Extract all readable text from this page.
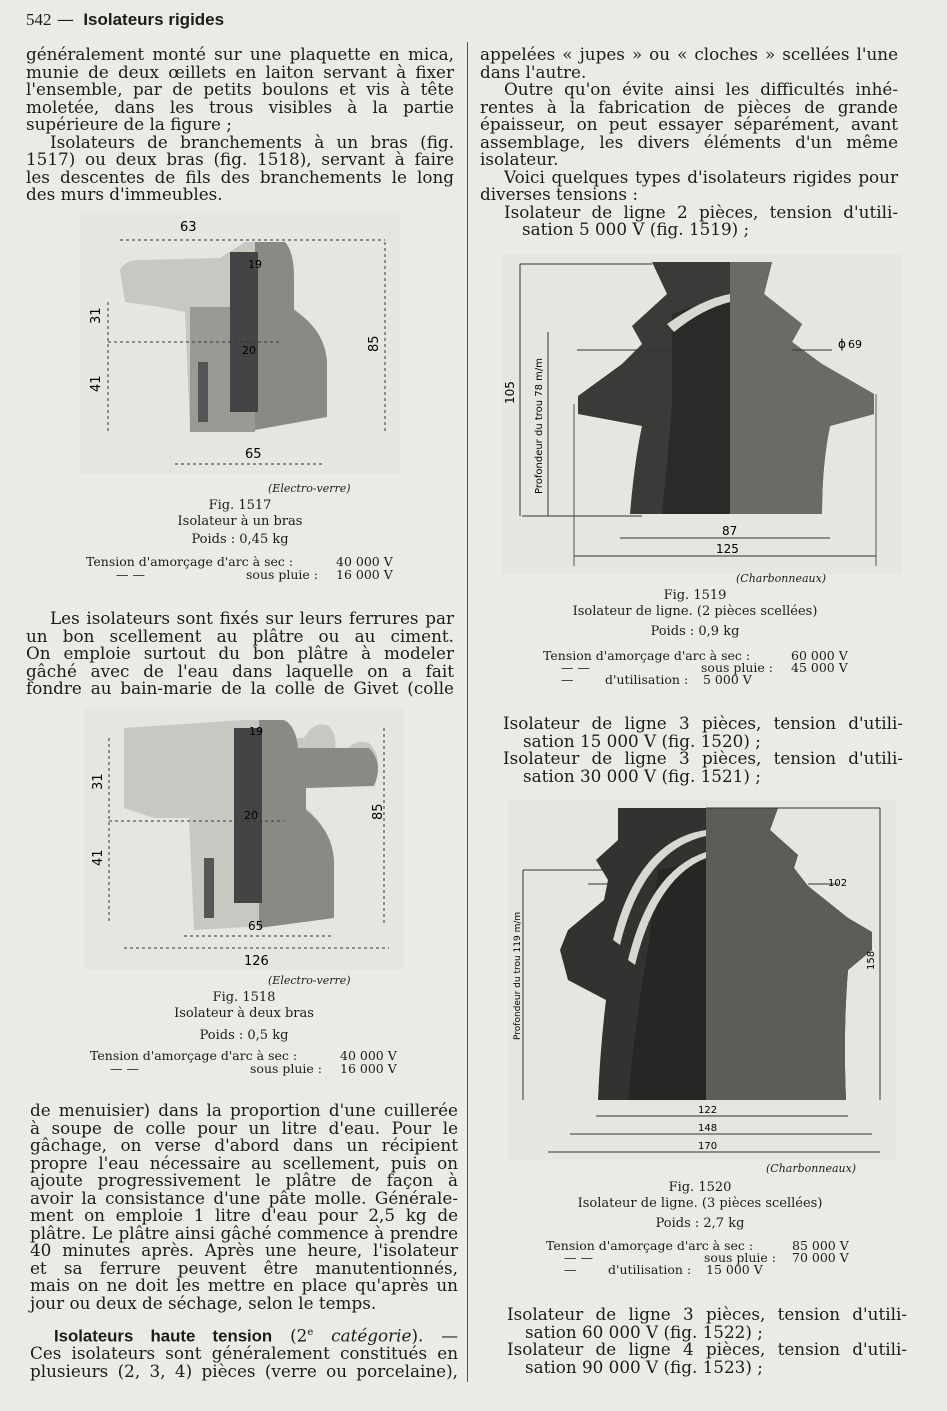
542 — Isolateurs rigides
généralement monté sur une plaquette en mica,
munie de deux œillets en laiton servant à fixer
l'ensemble, par de petits boulons et vis à tête
moletée, dans les trous visibles à la partie
supérieure de la figure ;
Isolateurs de branchements à un bras (fig.
1517) ou deux bras (fig. 1518), servant à faire
les descentes de fils des branchements le long
des murs d'immeubles.
63
65
31
41
85
19
20
(Electro-verre)
Fig. 1517
Isolateur à un bras
Poids : 0,45 kg
Tension d'amorçage d'arc à sec :	40 000 V
— —	sous pluie : 16 000 V
Les isolateurs sont fixés sur leurs ferrures par
un bon scellement au plâtre ou au ciment.
On emploie surtout du bon plâtre à modeler
gâché avec de l'eau dans laquelle on a fait
fondre au bain-marie de la colle de Givet (colle
65
126
31
41
85
19
20
(Electro-verre)
Fig. 1518
Isolateur à deux bras
Poids : 0,5 kg
Tension d'amorçage d'arc à sec :	40 000 V
— —	sous pluie : 16 000 V
de menuisier) dans la proportion d'une cuillerée
à soupe de colle pour un litre d'eau. Pour le
gâchage, on verse d'abord dans un récipient
propre l'eau nécessaire au scellement, puis on
ajoute progressivement le plâtre de façon à
avoir la consistance d'une pâte molle. Générale-
ment on emploie 1 litre d'eau pour 2,5 kg de
plâtre. Le plâtre ainsi gâché commence à prendre
40 minutes après. Après une heure, l'isolateur
et sa ferrure peuvent être manutentionnés,
mais on ne doit les mettre en place qu'après un
jour ou deux de séchage, selon le temps.
Isolateurs haute tension (2e catégorie). —
Ces isolateurs sont généralement constitués en
plusieurs (2, 3, 4) pièces (verre ou porcelaine),
appelées « jupes » ou « cloches » scellées l'une
dans l'autre.
Outre qu'on évite ainsi les difficultés inhé-
rentes à la fabrication de pièces de grande
épaisseur, on peut essayer séparément, avant
assemblage, les divers éléments d'un même
isolateur.
Voici quelques types d'isolateurs rigides pour
diverses tensions :
Isolateur de ligne 2 pièces, tension d'utili-
sation 5 000 V (fig. 1519) ;
105 Profondeur du trou 78 m/m
ϕ 69
87
125
(Charbonneaux)
Fig. 1519
Isolateur de ligne. (2 pièces scellées)
Poids : 0,9 kg
Tension d'amorçage d'arc à sec :	60 000 V
— —	sous pluie : 45 000 V
—	d'utilisation : 5 000 V
Isolateur de ligne 3 pièces, tension d'utili-
sation 15 000 V (fig. 1520) ;
Isolateur de ligne 3 pièces, tension d'utili-
sation 30 000 V (fig. 1521) ;
Profondeur du trou 119 m/m	158
102
122
148
170
(Charbonneaux)
Fig. 1520
Isolateur de ligne. (3 pièces scellées)
Poids : 2,7 kg
Tension d'amorçage d'arc à sec :	85 000 V
— —	sous pluie : 70 000 V
—	d'utilisation : 15 000 V
Isolateur de ligne 3 pièces, tension d'utili-
sation 60 000 V (fig. 1522) ;
Isolateur de ligne 4 pièces, tension d'utili-
sation 90 000 V (fig. 1523) ;
